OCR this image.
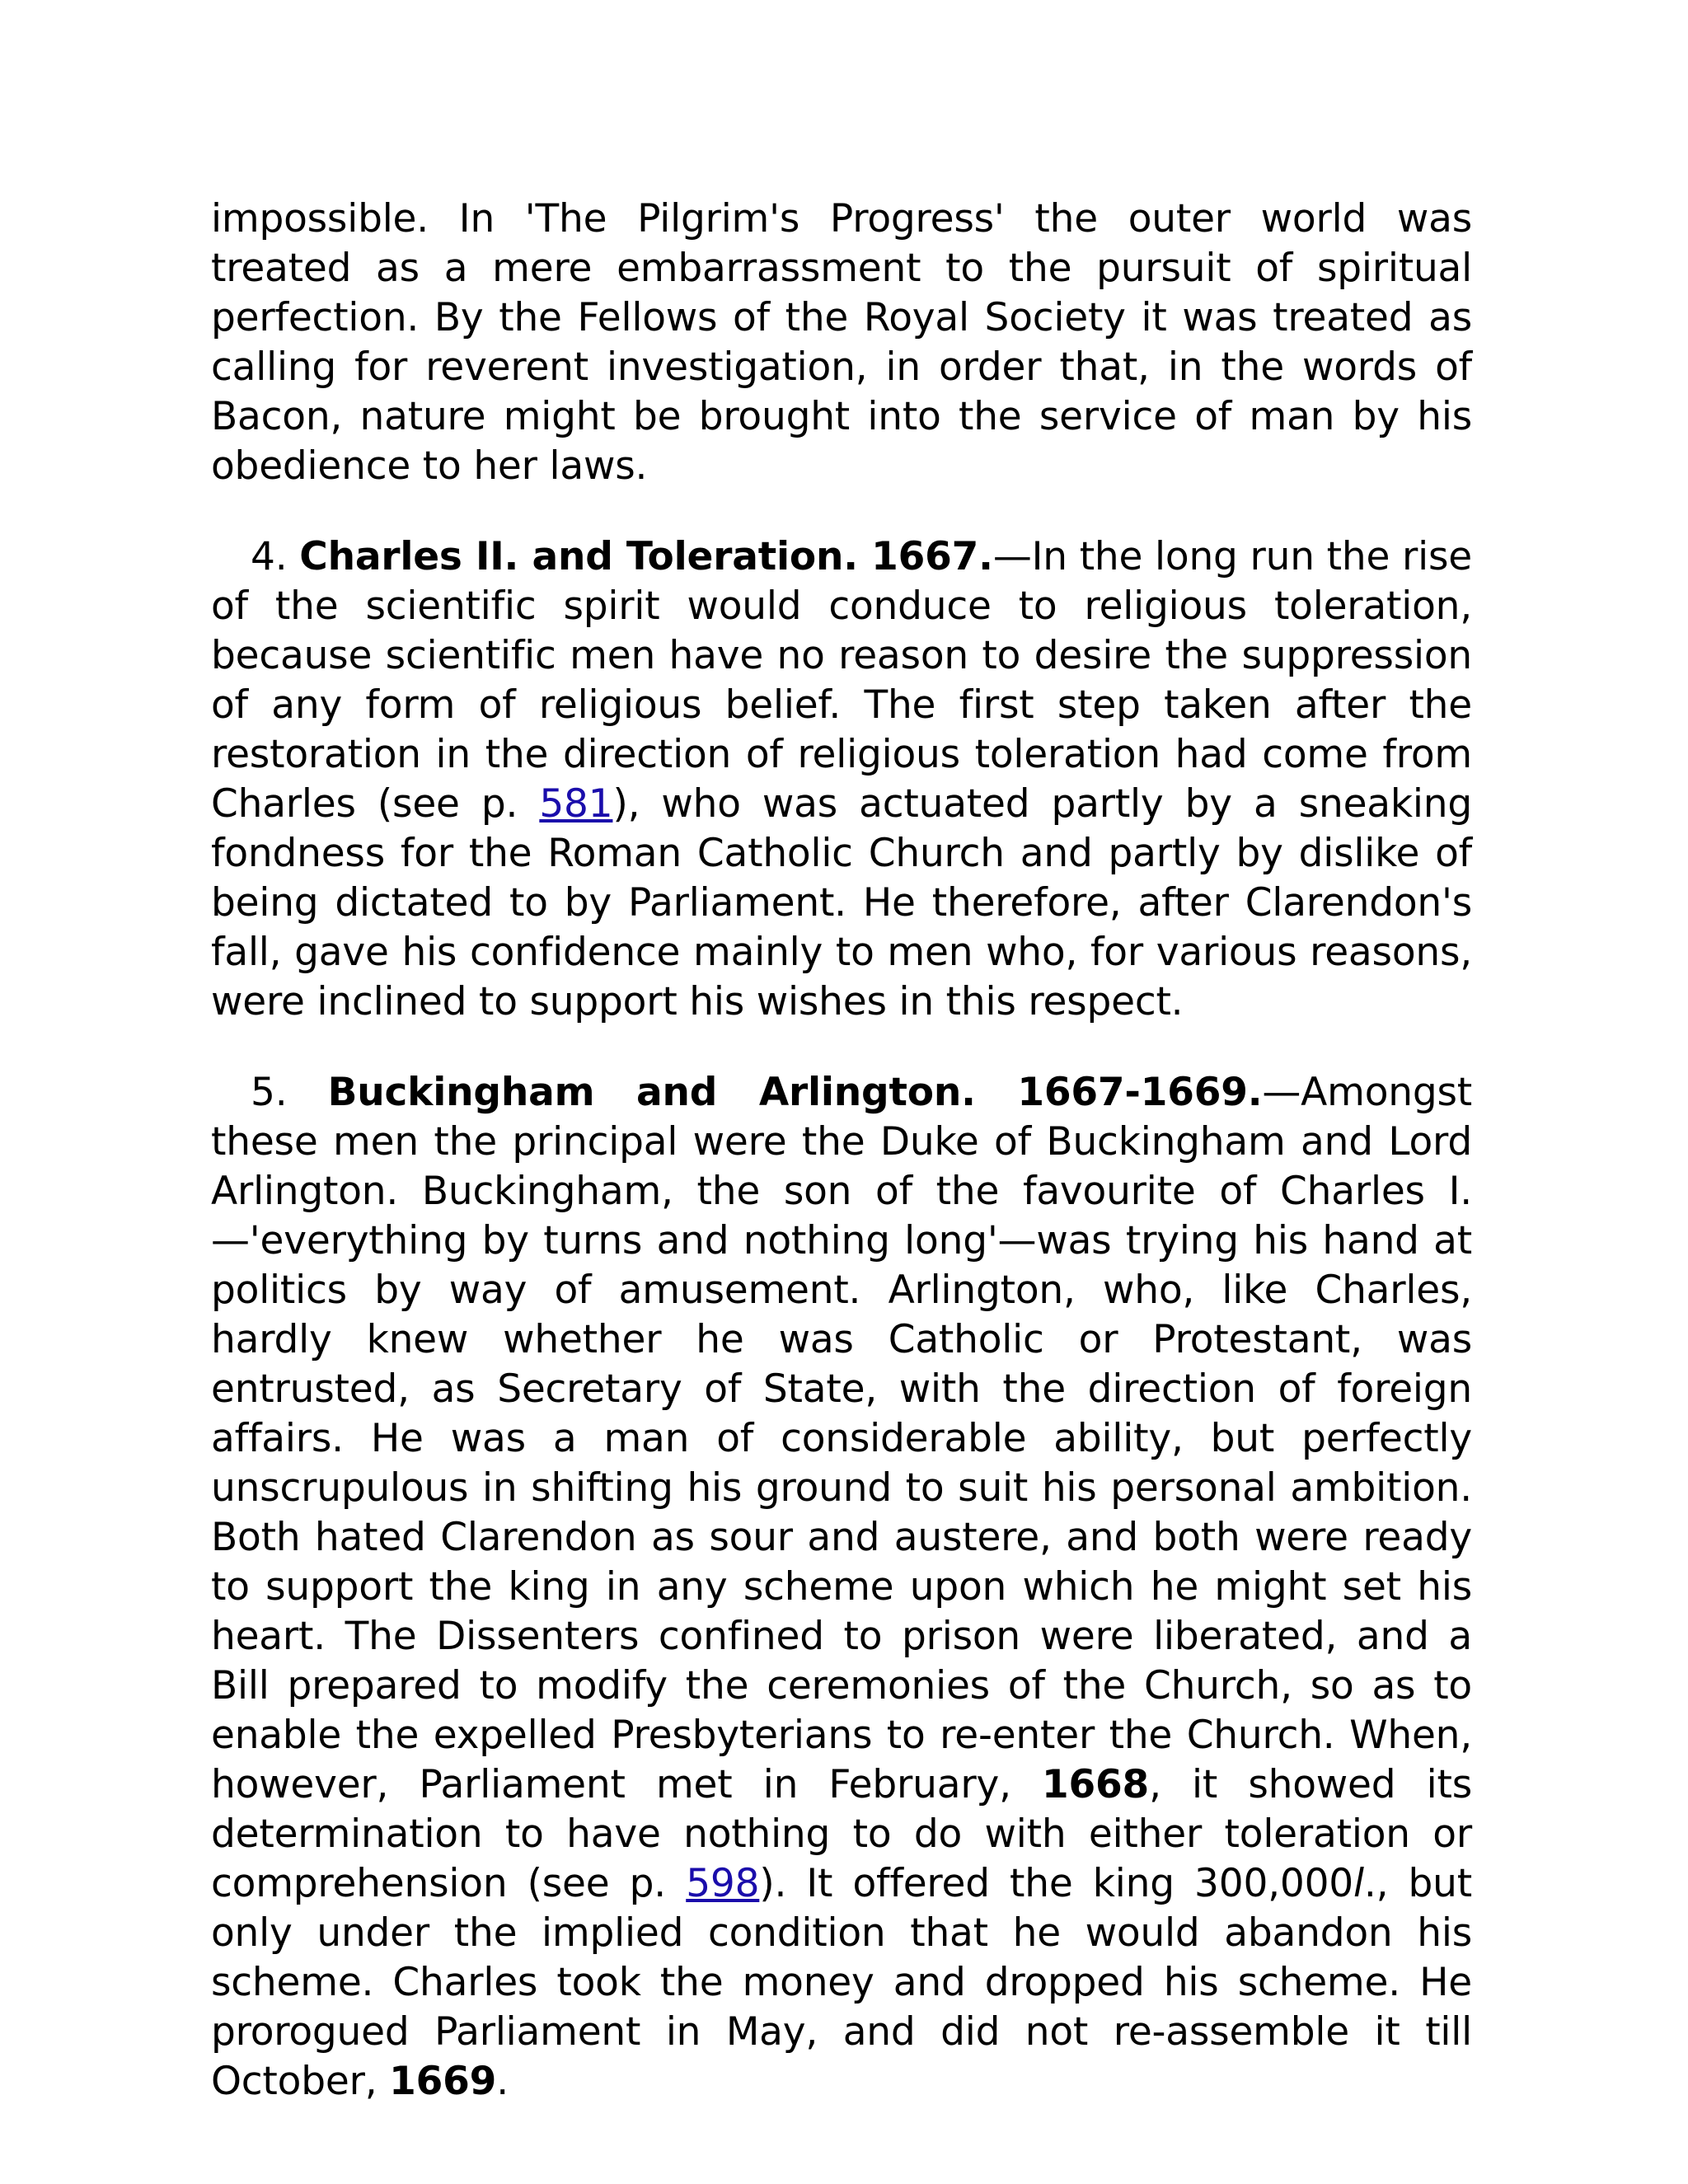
impossible. In 'The Pilgrim's Progress' the outer world was treated as a mere embarrassment to the pursuit of spiritual perfection. By the Fellows of the Royal Society it was treated as calling for reverent investigation, in order that, in the words of Bacon, nature might be brought into the service of man by his obedience to her laws.

4. Charles II. and Toleration. 1667.—In the long run the rise of the scientific spirit would conduce to religious toleration, because scientific men have no reason to desire the suppression of any form of religious belief. The first step taken after the restoration in the direction of religious toleration had come from Charles (see p. 581), who was actuated partly by a sneaking fondness for the Roman Catholic Church and partly by dislike of being dictated to by Parliament. He therefore, after Clarendon's fall, gave his confidence mainly to men who, for various reasons, were inclined to support his wishes in this respect.

5. Buckingham and Arlington. 1667-1669.—Amongst these men the principal were the Duke of Buckingham and Lord Arlington. Buckingham, the son of the favourite of Charles I.—'everything by turns and nothing long'—was trying his hand at politics by way of amusement. Arlington, who, like Charles, hardly knew whether he was Catholic or Protestant, was entrusted, as Secretary of State, with the direction of foreign affairs. He was a man of considerable ability, but perfectly unscrupulous in shifting his ground to suit his personal ambition. Both hated Clarendon as sour and austere, and both were ready to support the king in any scheme upon which he might set his heart. The Dissenters confined to prison were liberated, and a Bill prepared to modify the ceremonies of the Church, so as to enable the expelled Presbyterians to re-enter the Church. When, however, Parliament met in February, 1668, it showed its determination to have nothing to do with either toleration or comprehension (see p. 598). It offered the king 300,000l., but only under the implied condition that he would abandon his scheme. Charles took the money and dropped his scheme. He prorogued Parliament in May, and did not re-assemble it till October, 1669.
